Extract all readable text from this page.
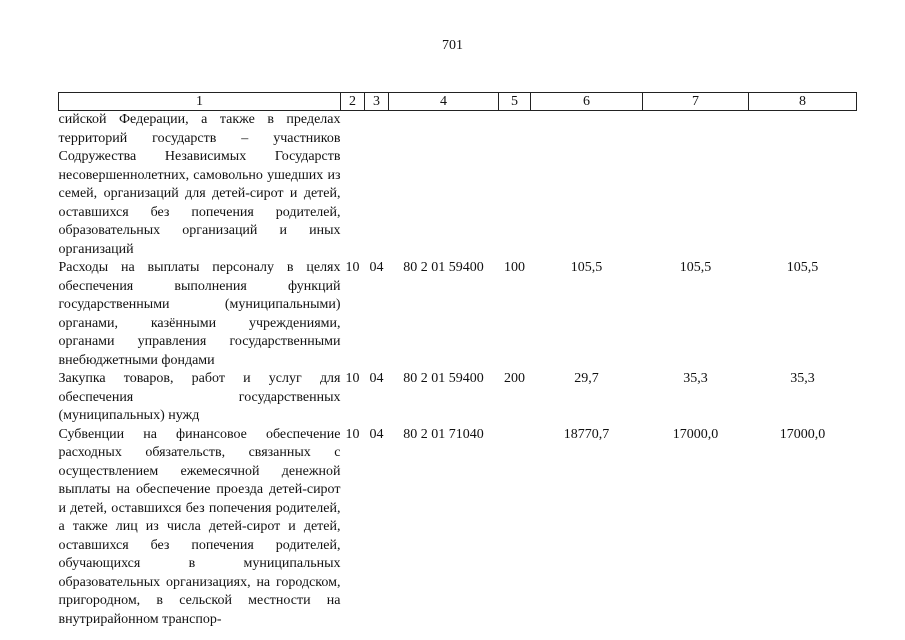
701
1	2	3	4	5	6	7	8
сийской Федерации, а также в пределах территорий государств – участников Содружества Независимых Государств несовершеннолетних, самовольно ушедших из семей, организаций для детей-сирот и детей, оставшихся без попечения родителей, образовательных организаций и иных организаций							
Расходы на выплаты персоналу в целях обеспечения выполнения функций государственными (муниципальными) органами, казёнными учреждениями, органами управления государственными внебюджетными фондами	10	04	80 2 01 59400	100	105,5	105,5	105,5
Закупка товаров, работ и услуг для обеспечения государственных (муниципальных) нужд	10	04	80 2 01 59400	200	29,7	35,3	35,3
Субвенции на финансовое обеспечение расходных обязательств, связанных с осуществлением ежемесячной денежной выплаты на обеспечение проезда детей-сирот и детей, оставшихся без попечения родителей, а также лиц из числа детей-сирот и детей, оставшихся без попечения родителей, обучающихся в муниципальных образовательных организациях, на городском, пригородном, в сельской местности на внутрирайонном транспор-	10	04	80 2 01 71040		18770,7	17000,0	17000,0
